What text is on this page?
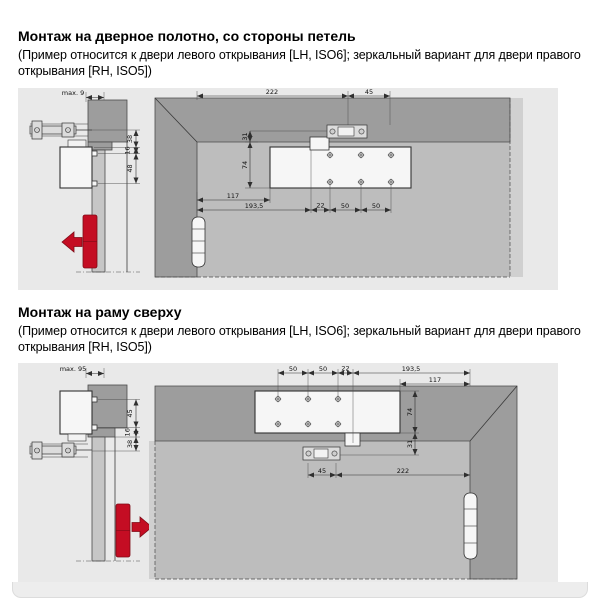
Монтаж на дверное полотно, со стороны петель
(Пример относится к двери левого открывания [LH, ISO6]; зеркальный вариант для двери правого открывания [RH, ISO5])
max. 9
38
16
48
222	45
31
74
117
193,5	22 50	50
Монтаж на раму сверху
(Пример относится к двери левого открывания [LH, ISO6]; зеркальный вариант для двери правого открывания [RH, ISO5])
max. 95
45
16
38
50	50 22	193,5
117
74
31
45	222
